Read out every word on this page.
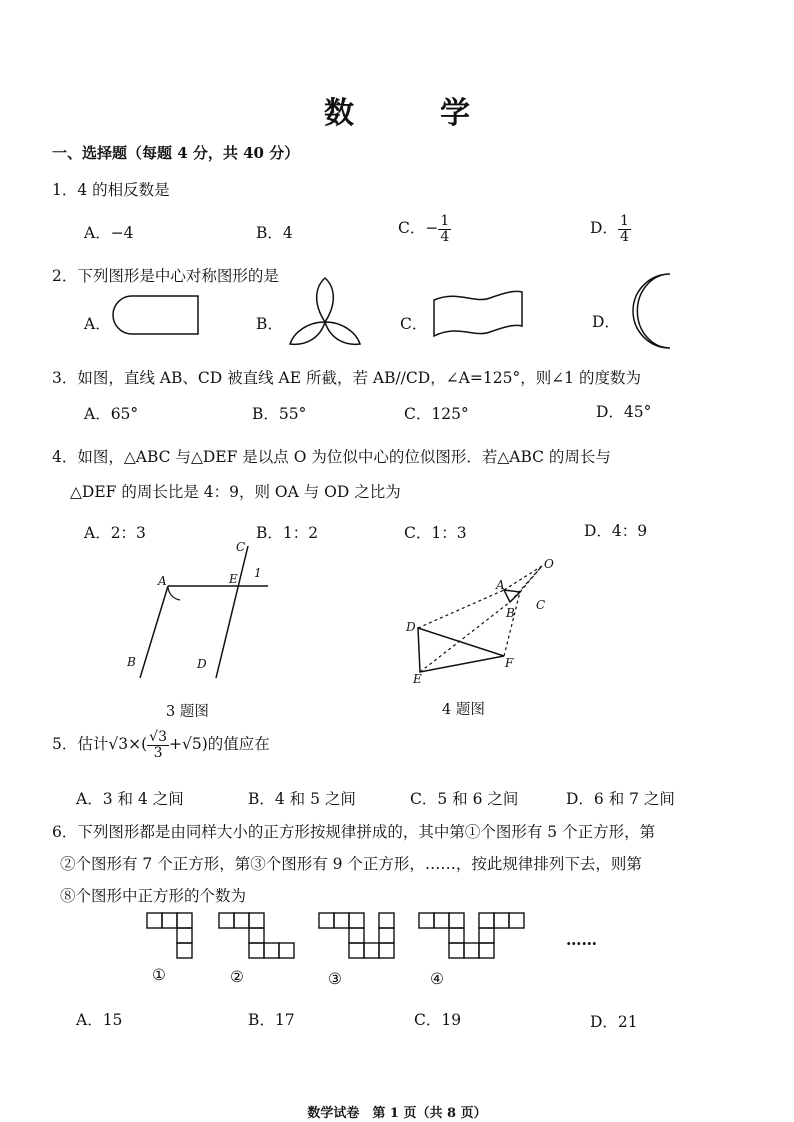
数　学
一、选择题（每题 4 分，共 40 分）
1．4 的相反数是
A．−4	B．4	C．− $\frac{1}{4}$	D． $\frac{1}{4}$
2．下列图形是中心对称图形的是
A．	B．	C．	D．
3．如图，直线 AB、CD 被直线 AE 所截，若 AB//CD，∠A=125°，则∠1 的度数为
A．65°	B．55°	C．125°	D．45°
4．如图，△ABC 与△DEF 是以点 O 为位似中心的位似图形．若△ABC 的周长与
△DEF 的周长比是 4：9，则 OA 与 OD 之比为
A．2：3	B．1：2	C．1：3	D．4：9
A
B
C
D
E 1
3 题图
A
B
C
D
E
F
O
4 题图
5．估计$√3\times( \frac{√3}{3} +√5)$的值应在
A．3 和 4 之间	B．4 和 5 之间	C．5 和 6 之间	D．6 和 7 之间
6．下列图形都是由同样大小的正方形按规律拼成的，其中第①个图形有 5 个正方形，第
②个图形有 7 个正方形，第③个图形有 9 个正方形，……，按此规律排列下去，则第
⑧个图形中正方形的个数为
①	②	③	④
……
A．15	B．17	C．19	D．21
数学试卷　第 1 页（共 8 页）
